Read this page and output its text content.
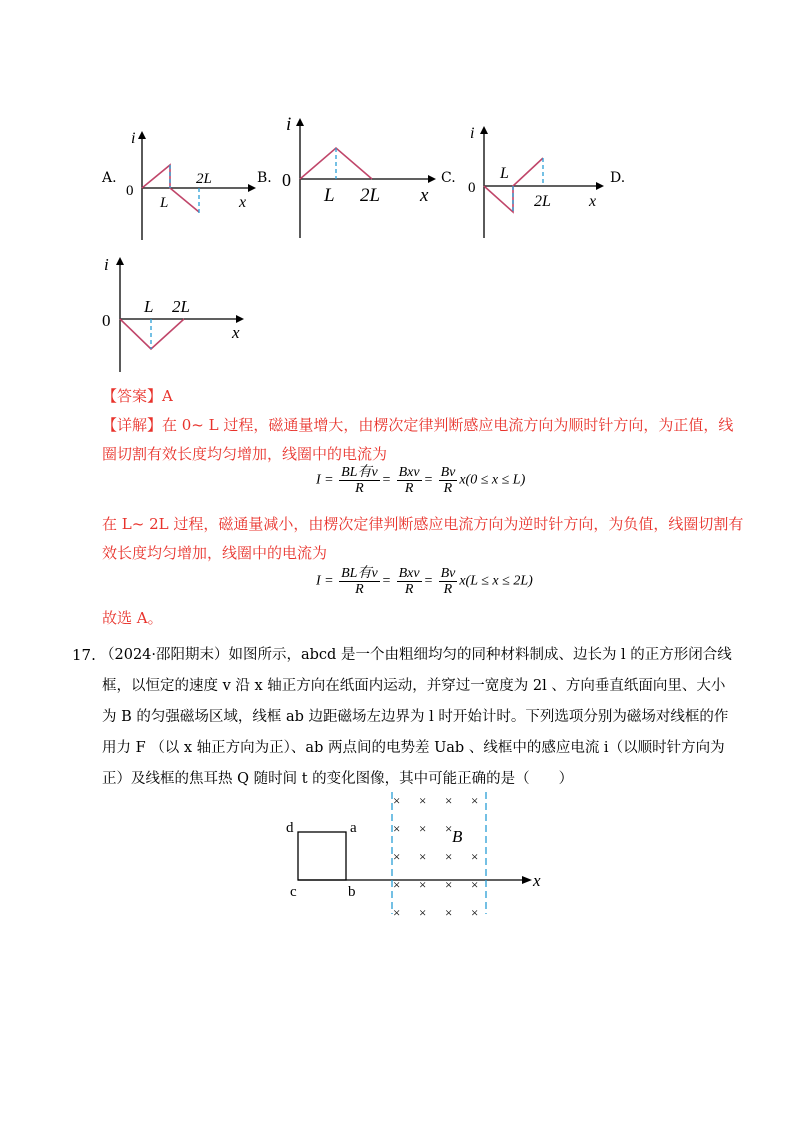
A.
i
0
L
2L
x
B.
i
0
L 2L x
C.
i
0
L
2L x
D.
i
0
L 2L
x
【答案】A
【详解】在 0~ L 过程，磁通量增大，由楞次定律判断感应电流方向为顺时针方向，为正值，线
圈切割有效长度均匀增加，线圈中的电流为
$I = \frac{\text{BL有v}}{R} = \frac{\text{Bxv}}{R} = \frac{Bv}{R} x(0 \le x \le L)$
在 L~ 2L 过程，磁通量减小，由楞次定律判断感应电流方向为逆时针方向，为负值，线圈切割有
效长度均匀增加，线圈中的电流为
$I = \frac{\text{BL有v}}{R} = \frac{\text{Bxv}}{R} = \frac{Bv}{R} x(L \le x \le 2L)$
故选 A。
17. （2024·邵阳期末）如图所示，abcd 是一个由粗细均匀的同种材料制成、边长为 l 的正方形闭合线
框，以恒定的速度 v 沿 x 轴正方向在纸面内运动，并穿过一宽度为 2l 、方向垂直纸面向里、大小
为 B 的匀强磁场区域，线框 ab 边距磁场左边界为 l 时开始计时。下列选项分别为磁场对线框的作
用力 F （以 x 轴正方向为正）、ab 两点间的电势差 Uab 、线框中的感应电流 i（以顺时针方向为
正）及线框的焦耳热 Q 随时间 t 的变化图像，其中可能正确的是（　　）
× × × ×
× × ×
× × × ×
× × × ×
× × × ×
d	a
c	b
B
x
